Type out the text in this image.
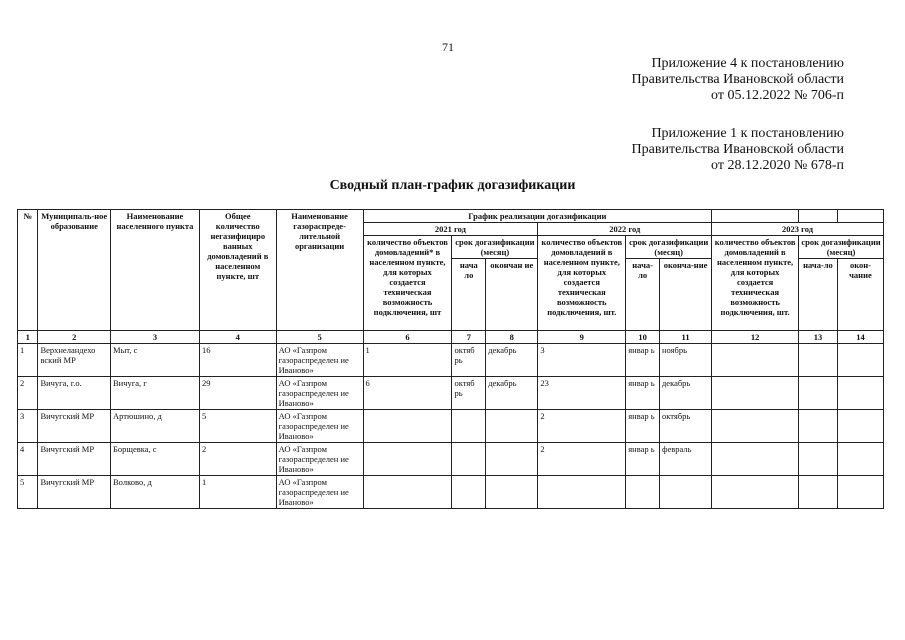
71
Приложение 4 к постановлению
Правительства Ивановской области
от 05.12.2022 № 706-п
Приложение 1 к постановлению
Правительства Ивановской области
от 28.12.2020 № 678-п
Сводный план-график догазификации
№	Муниципаль-ное образование	Наименование населенного пункта	Общее количество негазифициро ванных домовладений в населенном пункте, шт	Наименование газораспреде-лительной организации	График реализации догазификации								
					2021 год			2022 год			2023 год		
					количество объектов домовладений* в населенном пункте, для которых создается техническая возможность подключения, шт	срок догазификации (месяц)		количество объектов домовладений в населенном пункте, для которых создается техническая возможность подключения, шт.	срок догазификации (месяц)		количество объектов домовладений в населенном пункте, для которых создается техническая возможность подключения, шт.	срок догазификации (месяц)	
						нача ло	окончан ие		нача-ло	оконча-ние		нача-ло	окон-чание
1	2	3	4	5	6	7	8	9	10	11	12	13	14
1	Верхнеландехо вский МР	Мыт, с	16	АО «Газпром газораспределен ие Иваново»	1	октяб рь	декабрь	3	январ ь	ноябрь			
2	Вичуга, г.о.	Вичуга, г	29	АО «Газпром газораспределен ие Иваново»	6	октяб рь	декабрь	23	январ ь	декабрь			
3	Вичугский МР	Артюшино, д	5	АО «Газпром газораспределен ие Иваново»				2	январ ь	октябрь			
4	Вичугский МР	Борщевка, с	2	АО «Газпром газораспределен ие Иваново»				2	январ ь	февраль			
5	Вичугский МР	Волково, д	1	АО «Газпром газораспределен ие Иваново»									
